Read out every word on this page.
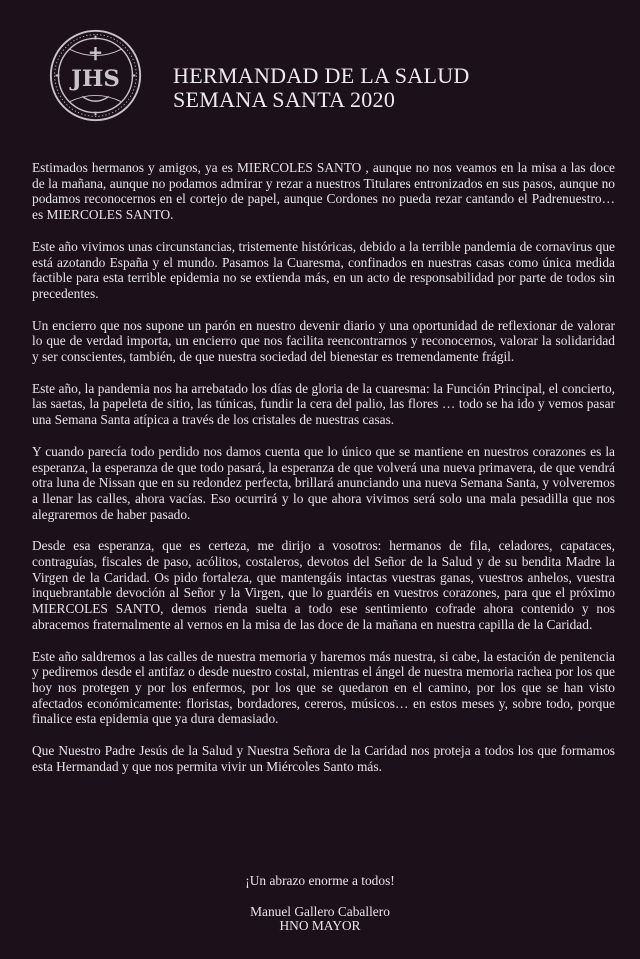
JHS HERMANDAD DE LA SALUD
SEMANA SANTA 2020

Estimados hermanos y amigos, ya es MIERCOLES SANTO , aunque no nos veamos en la misa a las doce de la mañana, aunque no podamos admirar y rezar a nuestros Titulares entronizados en sus pasos, aunque no podamos reconocernos en el cortejo de papel, aunque Cordones no pueda rezar cantando el Padrenuestro… es MIERCOLES SANTO.

Este año vivimos unas circunstancias, tristemente históricas, debido a la terrible pandemia de cornavirus que está azotando España y el mundo. Pasamos la Cuaresma, confinados en nuestras casas como única medida factible para esta terrible epidemia no se extienda más, en un acto de responsabilidad por parte de todos sin precedentes.

Un encierro que nos supone un parón en nuestro devenir diario y una oportunidad de reflexionar de valorar lo que de verdad importa, un encierro que nos facilita reencontrarnos y reconocernos, valorar la solidaridad y ser conscientes, también, de que nuestra sociedad del bienestar es tremendamente frágil.

Este año, la pandemia nos ha arrebatado los días de gloria de la cuaresma: la Función Principal, el concierto, las saetas, la papeleta de sitio, las túnicas, fundir la cera del palio, las flores … todo se ha ido y vemos pasar una Semana Santa atípica a través de los cristales de nuestras casas.

Y cuando parecía todo perdido nos damos cuenta que lo único que se mantiene en nuestros corazones es la esperanza, la esperanza de que todo pasará, la esperanza de que volverá una nueva primavera, de que vendrá otra luna de Nissan que en su redondez perfecta, brillará anunciando una nueva Semana Santa, y volveremos a llenar las calles, ahora vacías. Eso ocurrirá y lo que ahora vivimos será solo una mala pesadilla que nos alegraremos de haber pasado.

Desde esa esperanza, que es certeza, me dirijo a vosotros: hermanos de fila, celadores, capataces, contraguías, fiscales de paso, acólitos, costaleros, devotos del Señor de la Salud y de su bendita Madre la Virgen de la Caridad. Os pido fortaleza, que mantengáis intactas vuestras ganas, vuestros anhelos, vuestra inquebrantable devoción al Señor y la Virgen, que lo guardéis en vuestros corazones, para que el próximo MIERCOLES SANTO, demos rienda suelta a todo ese sentimiento cofrade ahora contenido y nos abracemos fraternalmente al vernos en la misa de las doce de la mañana en nuestra capilla de la Caridad.

Este año saldremos a las calles de nuestra memoria y haremos más nuestra, si cabe, la estación de penitencia y pediremos desde el antifaz o desde nuestro costal, mientras el ángel de nuestra memoria rachea por los que hoy nos protegen y por los enfermos, por los que se quedaron en el camino, por los que se han visto afectados económicamente: floristas, bordadores, cereros, músicos… en estos meses y, sobre todo, porque finalice esta epidemia que ya dura demasiado.

Que Nuestro Padre Jesús de la Salud y Nuestra Señora de la Caridad nos proteja a todos los que formamos esta Hermandad y que nos permita vivir un Miércoles Santo más.

¡Un abrazo enorme a todos!
Manuel Gallero Caballero
HNO MAYOR
